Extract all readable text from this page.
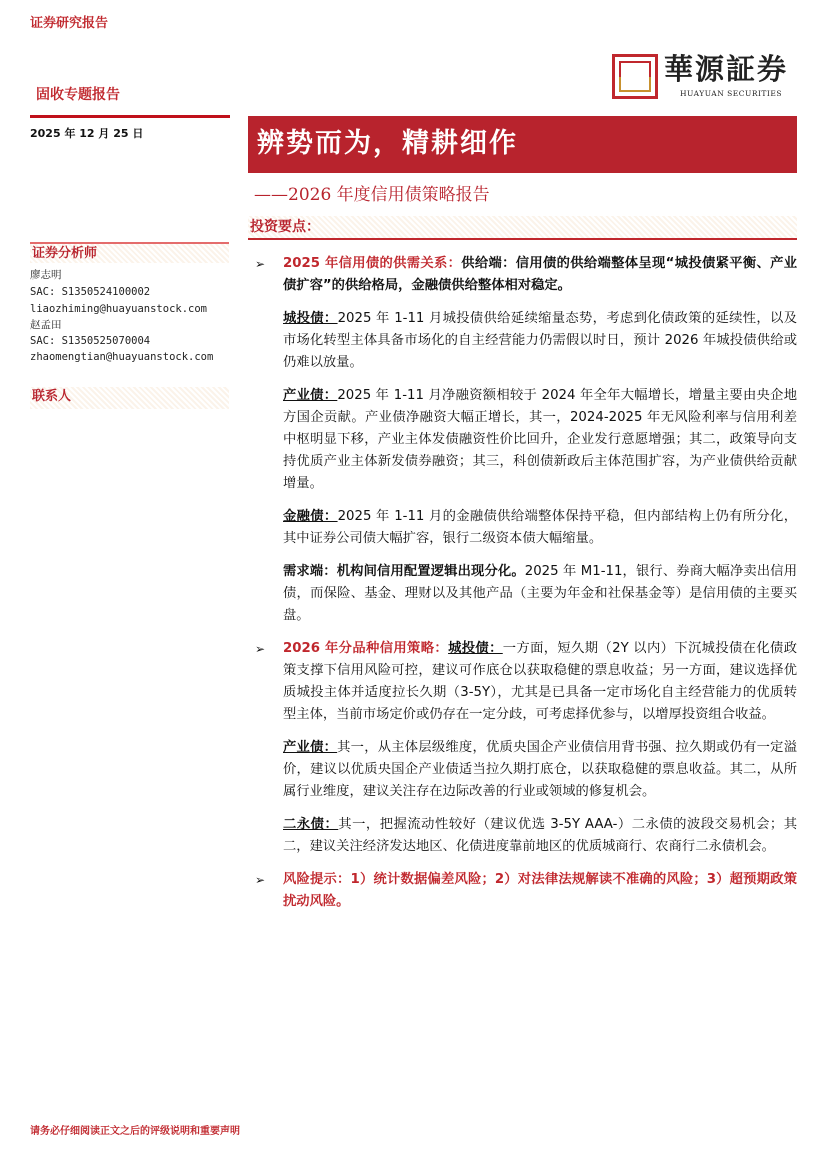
证券研究报告
固收专题报告
2025 年 12 月 25 日
華源証券
HUAYUAN SECURITIES
辨势而为，精耕细作
——2026 年度信用债策略报告
投资要点：
证券分析师
廖志明
SAC: S1350524100002
liaozhiming@huayuanstock.com
赵孟田
SAC: S1350525070004
zhaomengtian@huayuanstock.com
联系人
➢ 2025 年信用债的供需关系：供给端：信用债的供给端整体呈现“城投债紧平衡、产业债扩容”的供给格局，金融债供给整体相对稳定。
城投债：2025 年 1-11 月城投债供给延续缩量态势，考虑到化债政策的延续性，以及市场化转型主体具备市场化的自主经营能力仍需假以时日，预计 2026 年城投债供给或仍难以放量。
产业债：2025 年 1-11 月净融资额相较于 2024 年全年大幅增长，增量主要由央企地方国企贡献。产业债净融资大幅正增长，其一，2024-2025 年无风险利率与信用利差中枢明显下移，产业主体发债融资性价比回升，企业发行意愿增强；其二，政策导向支持优质产业主体新发债券融资；其三，科创债新政后主体范围扩容，为产业债供给贡献增量。
金融债：2025 年 1-11 月的金融债供给端整体保持平稳，但内部结构上仍有所分化，其中证券公司债大幅扩容，银行二级资本债大幅缩量。
需求端：机构间信用配置逻辑出现分化。2025 年 M1-11，银行、券商大幅净卖出信用债，而保险、基金、理财以及其他产品（主要为年金和社保基金等）是信用债的主要买盘。
➢ 2026 年分品种信用策略：城投债：一方面，短久期（2Y 以内）下沉城投债在化债政策支撑下信用风险可控，建议可作底仓以获取稳健的票息收益；另一方面，建议选择优质城投主体并适度拉长久期（3-5Y），尤其是已具备一定市场化自主经营能力的优质转型主体，当前市场定价或仍存在一定分歧，可考虑择优参与，以增厚投资组合收益。
产业债：其一，从主体层级维度，优质央国企产业债信用背书强、拉久期或仍有一定溢价，建议以优质央国企产业债适当拉久期打底仓，以获取稳健的票息收益。其二，从所属行业维度，建议关注存在边际改善的行业或领域的修复机会。
二永债：其一，把握流动性较好（建议优选 3-5Y AAA-）二永债的波段交易机会；其二，建议关注经济发达地区、化债进度靠前地区的优质城商行、农商行二永债机会。
➢ 风险提示：1）统计数据偏差风险；2）对法律法规解读不准确的风险；3）超预期政策扰动风险。
请务必仔细阅读正文之后的评级说明和重要声明
